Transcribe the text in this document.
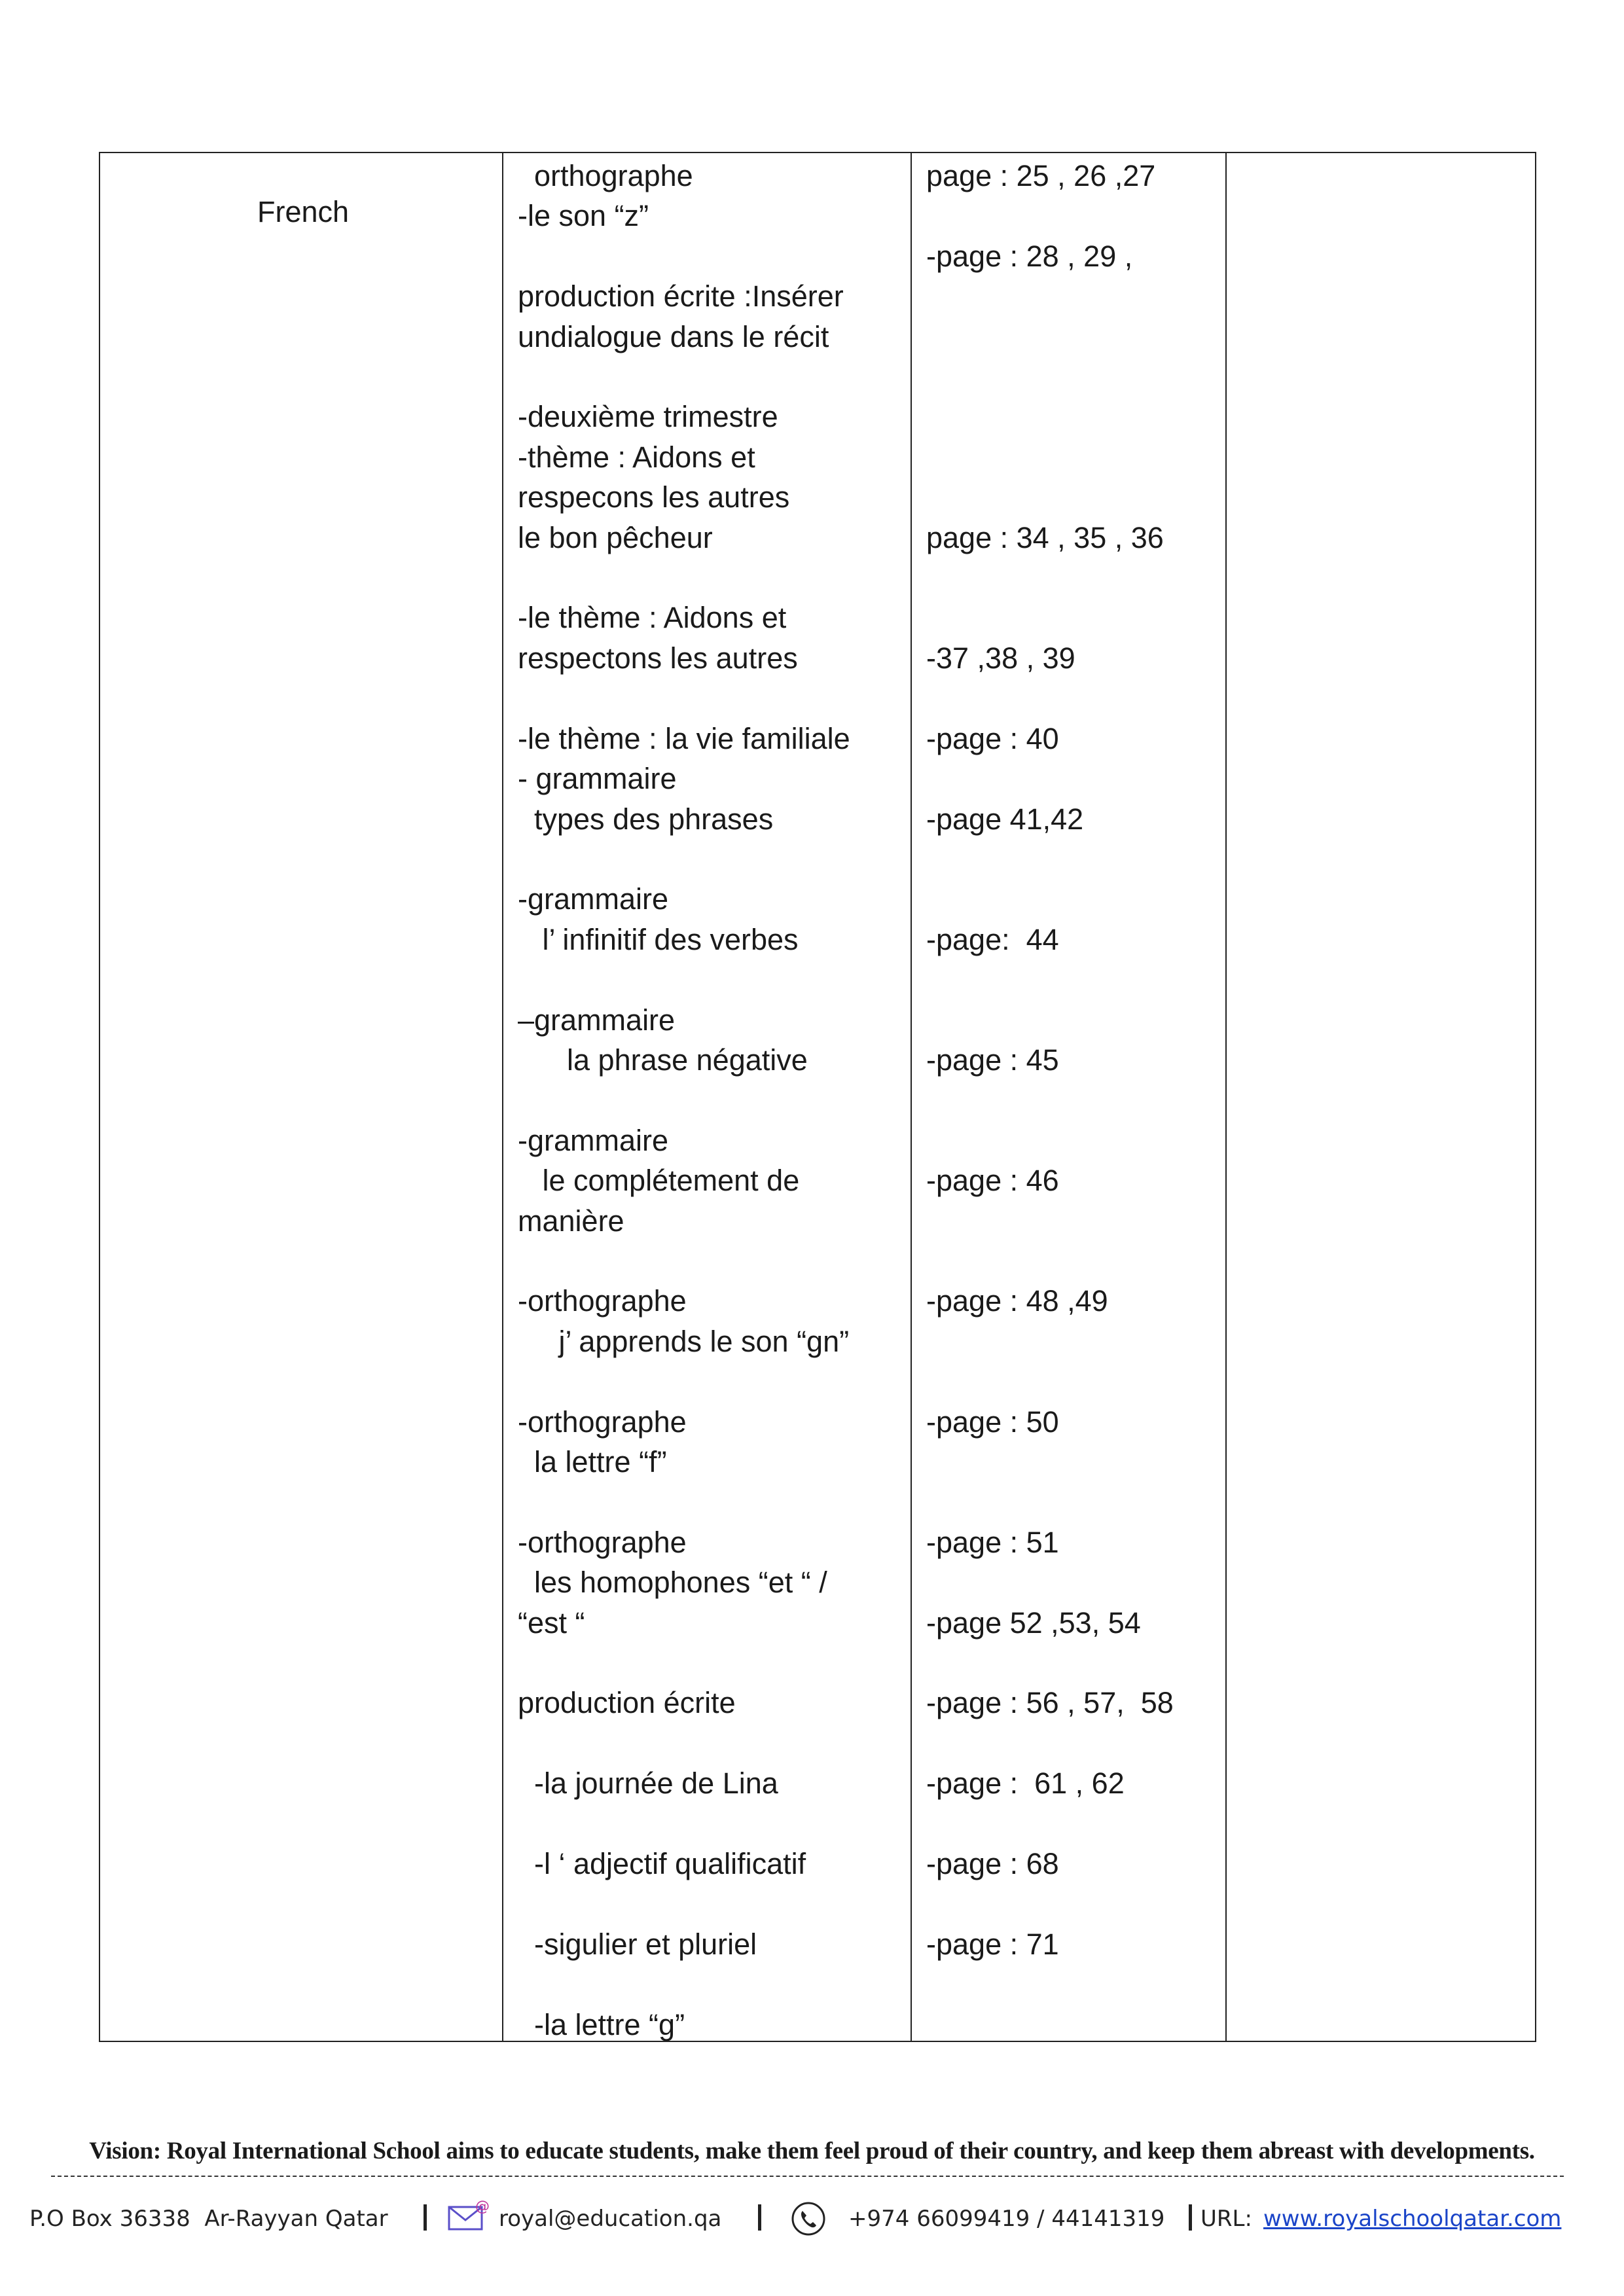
French

orthographe
-le son “z”

production écrite :Insérer
undialogue dans le récit

-deuxième trimestre
-thème : Aidons et
respecons les autres
le bon pêcheur

-le thème : Aidons et
respectons les autres

-le thème : la vie familiale
- grammaire
types des phrases

-grammaire
l’ infinitif des verbes

–grammaire
la phrase négative

-grammaire
le complétement de
manière

-orthographe
j’ apprends le son “gn”

-orthographe
la lettre “f”

-orthographe
les homophones “et “ /
“est “

production écrite

-la journée de Lina

-l ‘ adjectif qualificatif

-sigulier et pluriel

-la lettre “g”

page : 25 , 26 ,27

-page : 28 , 29 ,

page : 34 , 35 , 36

-37 ,38 , 39

-page : 40

-page 41,42

-page:  44

-page : 45

-page : 46

-page : 48 ,49

-page : 50

-page : 51

-page 52 ,53, 54

-page : 56 , 57,  58

-page :  61 , 62

-page : 68

-page : 71

Vision: Royal International School aims to educate students, make them feel proud of their country, and keep them abreast with developments.
P.O Box 36338  Ar-Rayyan Qatar	@ royal@education.qa	+974 66099419 / 44141319 URL: www.royalschoolqatar.com
